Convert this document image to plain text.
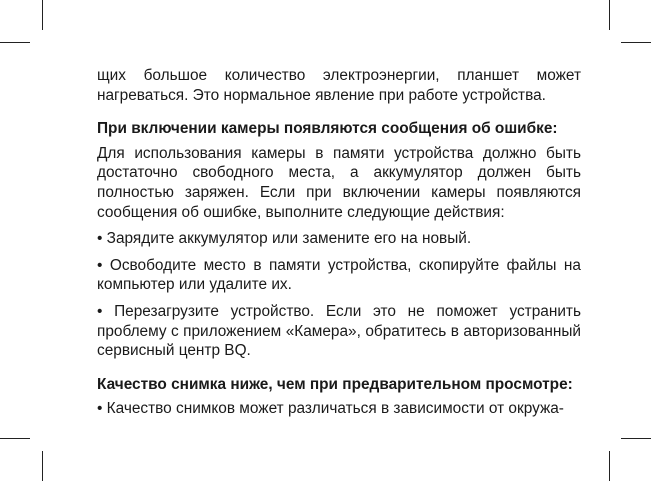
щих большое количество электроэнергии, планшет может нагреваться. Это нормальное явление при работе устройства.

При включении камеры появляются сообщения об ошибке:

Для использования камеры в памяти устройства должно быть достаточно свободного места, а аккумулятор должен быть полностью заряжен. Если при включении камеры появляются сообщения об ошибке, выполните следующие действия:

• Зарядите аккумулятор или замените его на новый.

• Освободите место в памяти устройства, скопируйте файлы на компьютер или удалите их.

• Перезагрузите устройство. Если это не поможет устранить проблему с приложением «Камера», обратитесь в авторизованный сервисный центр BQ.

Качество снимка ниже, чем при предварительном просмотре:

• Качество снимков может различаться в зависимости от окружа-
